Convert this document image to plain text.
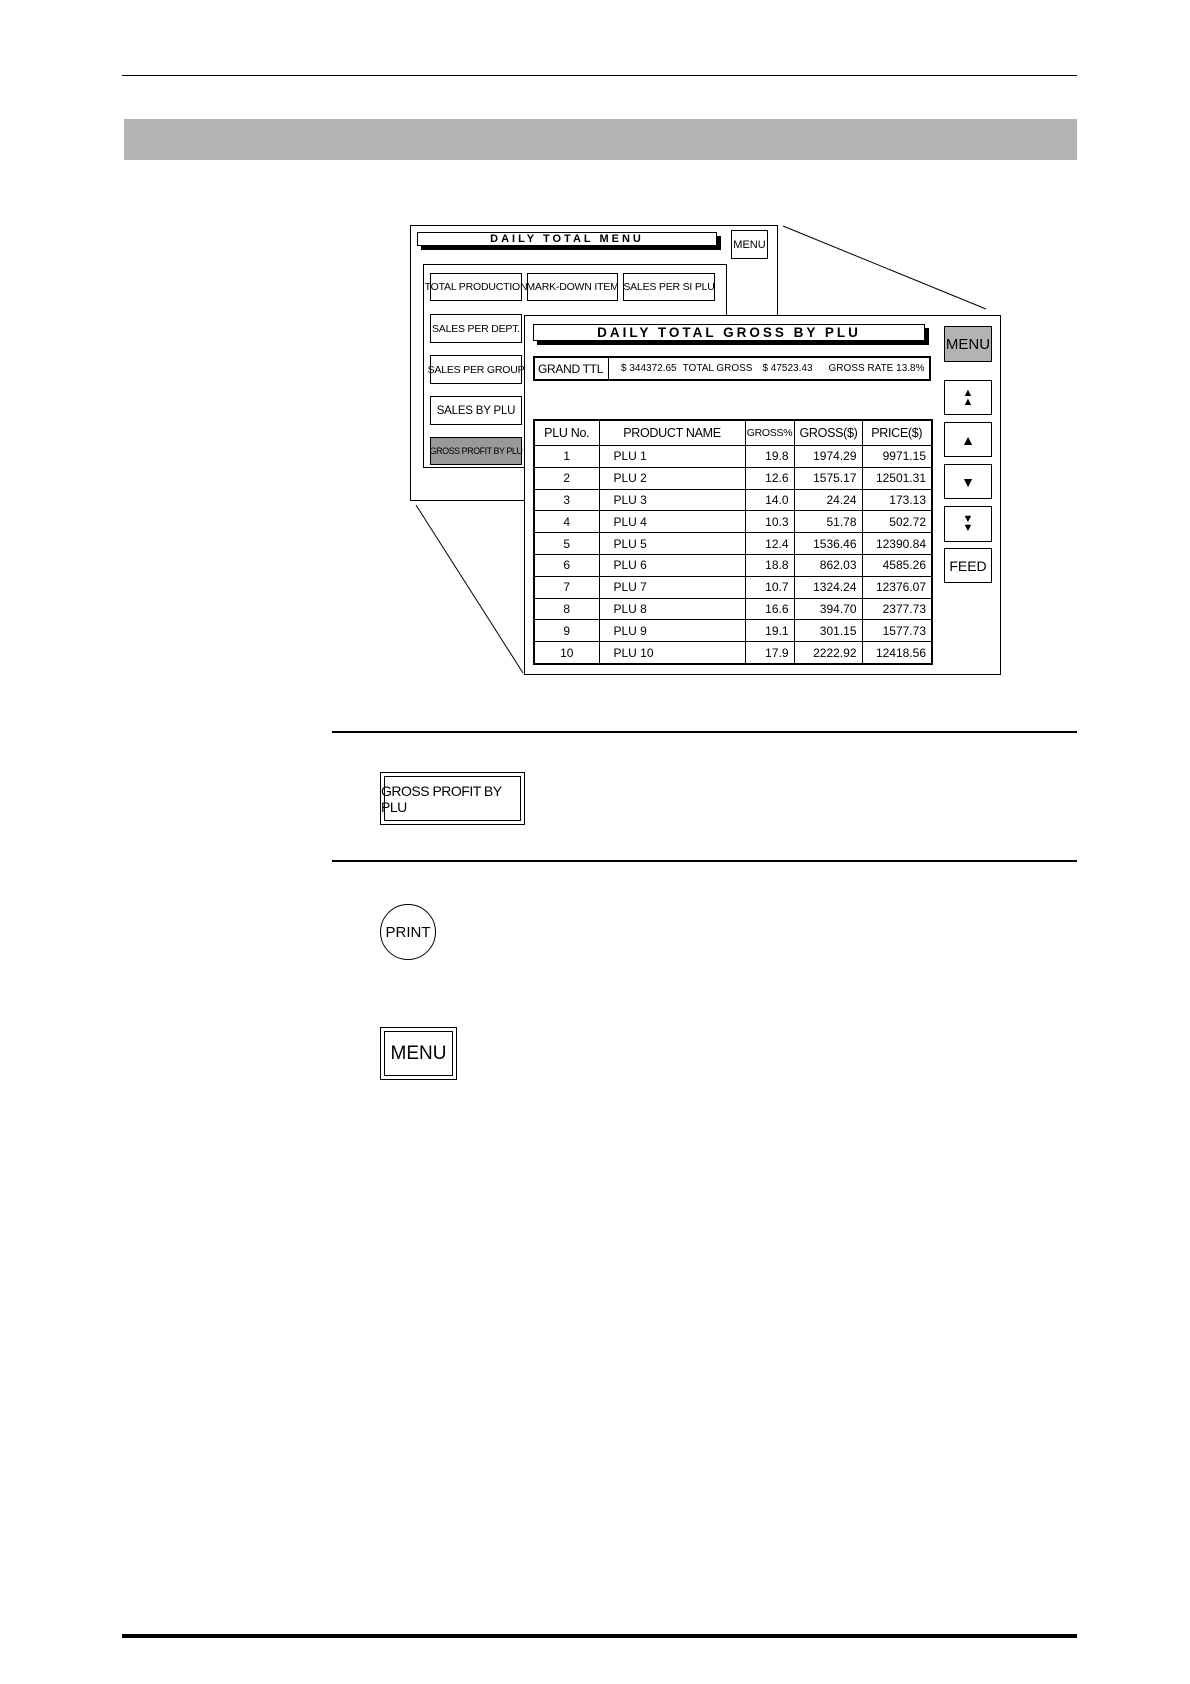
DAILY TOTAL MENU	MENU
TOTAL PRODUCTION
MARK-DOWN ITEM SALES PER SI PLU
SALES PER DEPT.
SALES PER GROUP
SALES BY PLU
GROSS PROFIT BY PLU
DAILY TOTAL GROSS BY PLU
GRAND TTL	$ 344372.65 TOTAL GROSS $ 47523.43 GROSS RATE 13.8%
PLU No.	PRODUCT NAME	GROSS%	GROSS($)	PRICE($)
1	PLU 1	19.8	1974.29	9971.15
2	PLU 2	12.6	1575.17	12501.31
3	PLU 3	14.0	24.24	173.13
4	PLU 4	10.3	51.78	502.72
5	PLU 5	12.4	1536.46	12390.84
6	PLU 6	18.8	862.03	4585.26
7	PLU 7	10.7	1324.24	12376.07
8	PLU 8	16.6	394.70	2377.73
9	PLU 9	19.1	301.15	1577.73
10	PLU 10	17.9	2222.92	12418.56
MENU
▲
▲
▲
▼
▼
▼
FEED
GROSS PROFIT BY PLU
PRINT
MENU
